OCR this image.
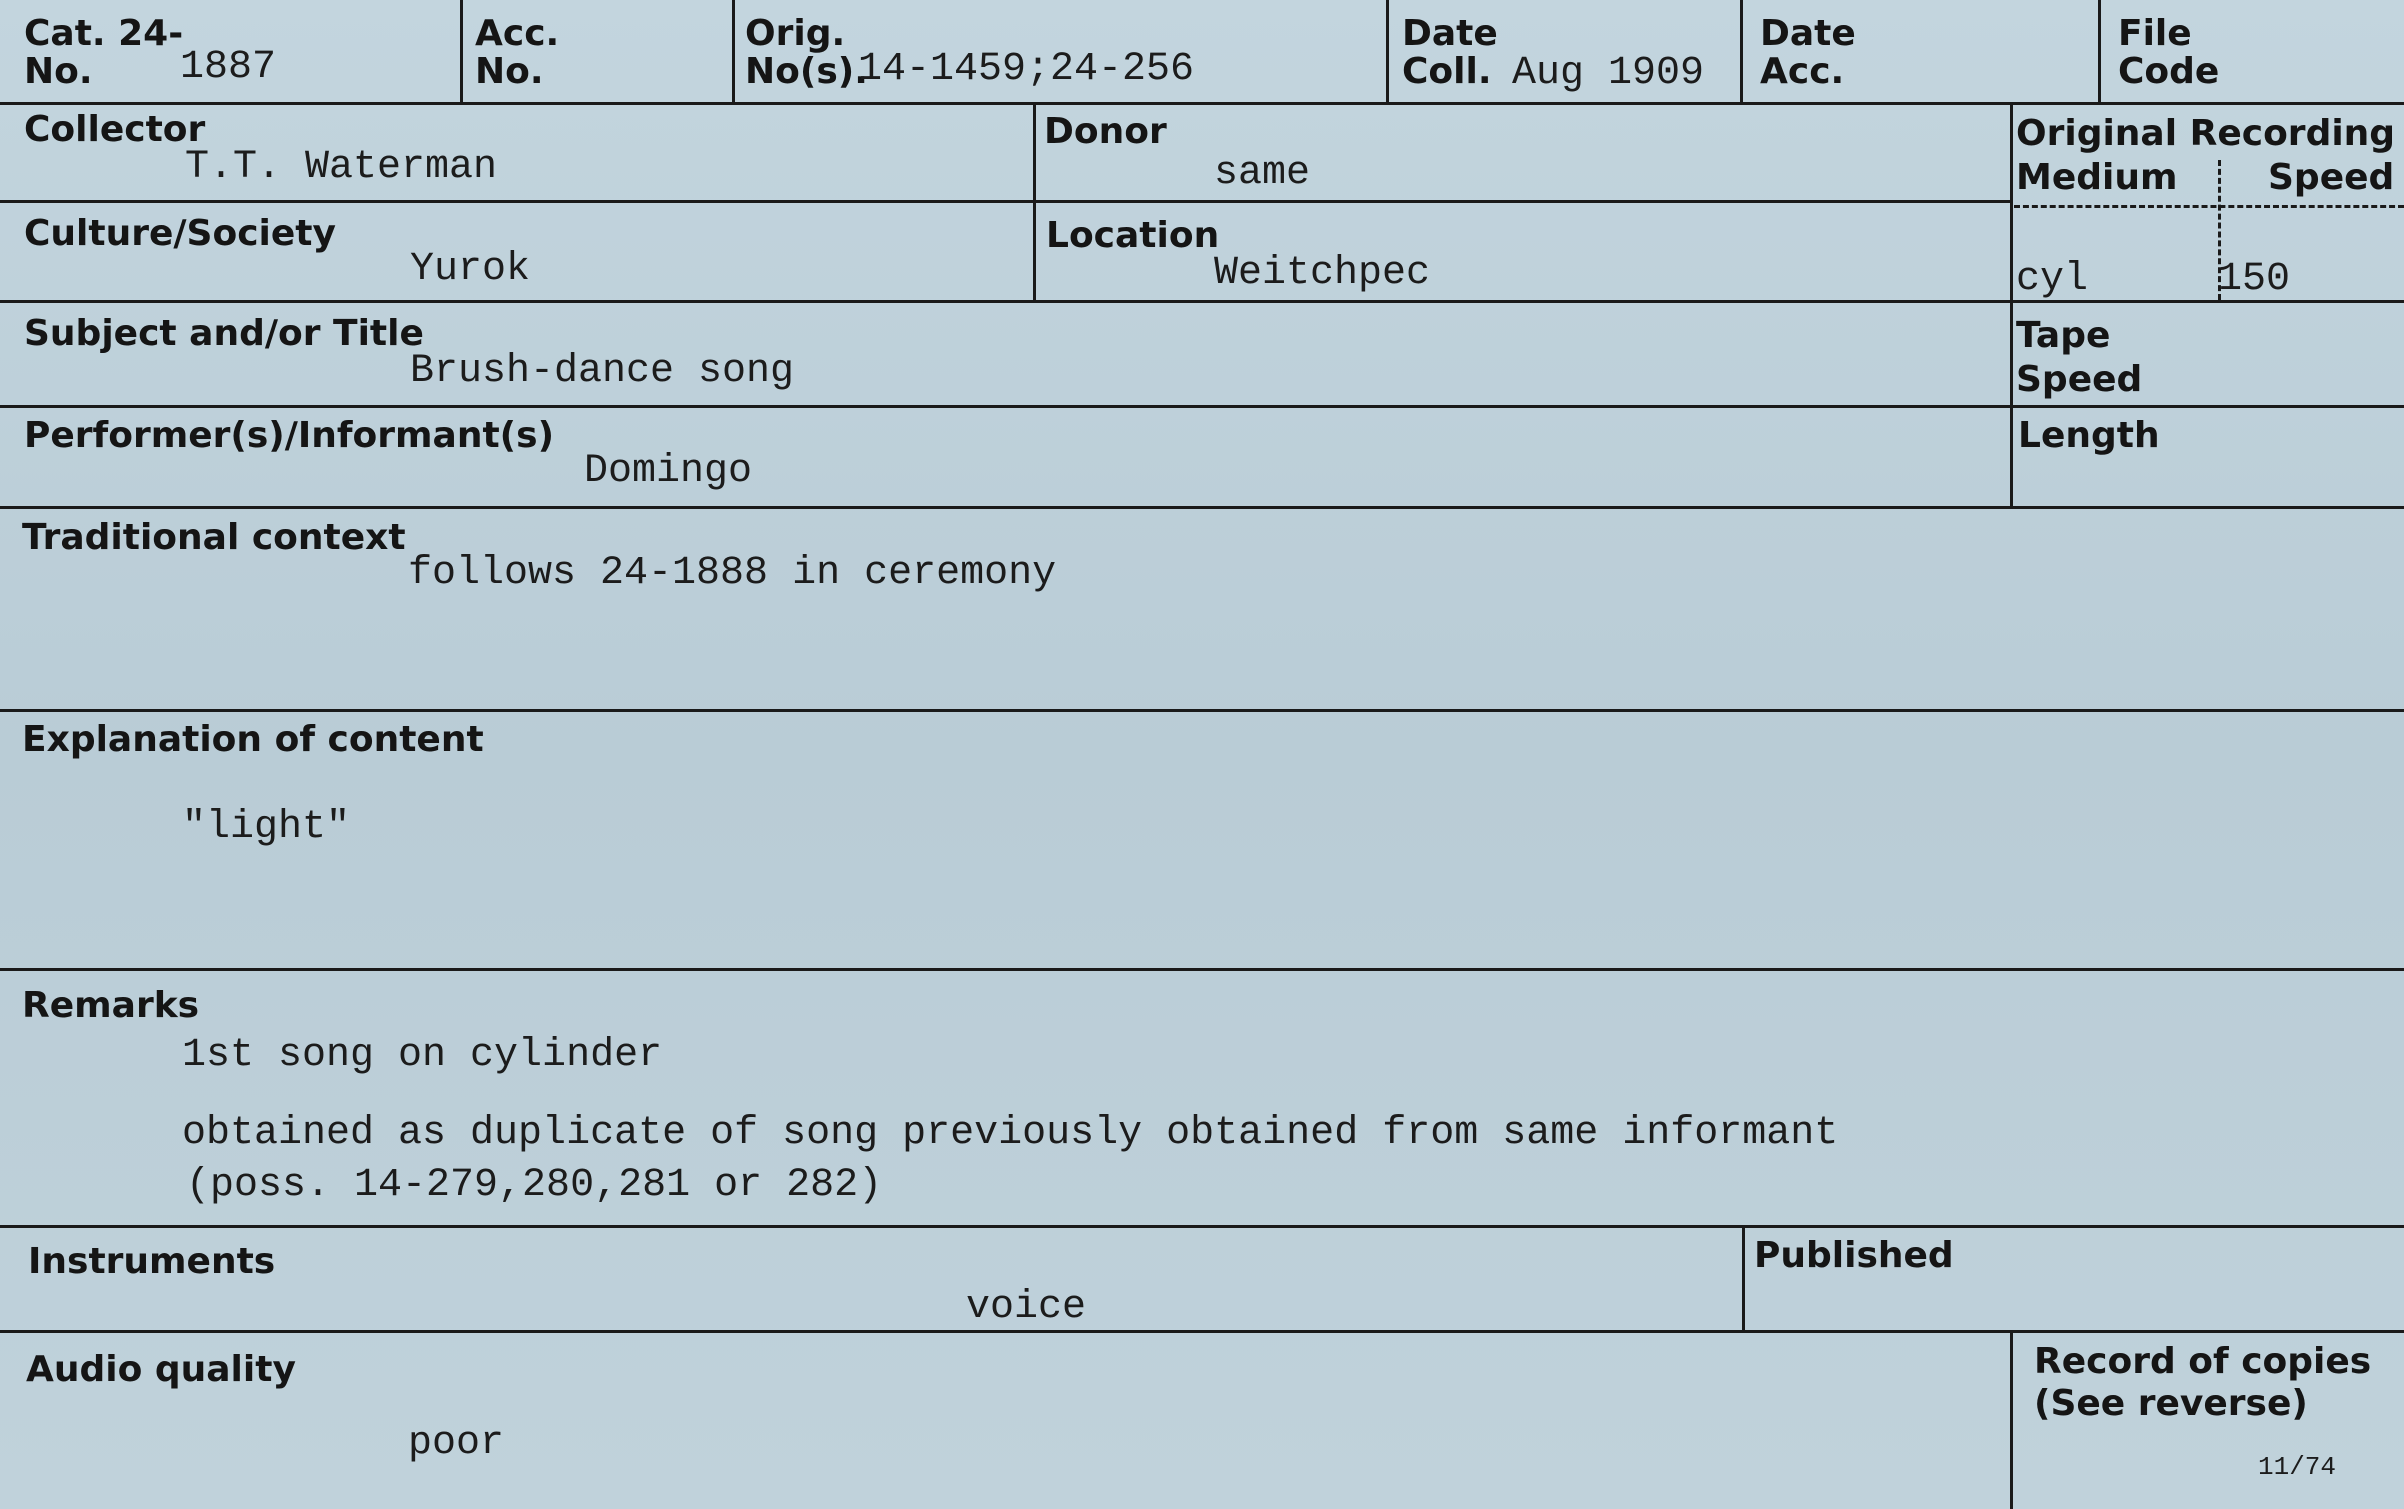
Cat. 24-
No. 1887
Acc.
No.
Orig.
No(s).
14-1459;24-256
Date
Coll. Aug 1909
Date
Acc.
File
Code
Collector
T.T. Waterman
Donor
same
Original Recording
Medium	Speed
cyl	150
Culture/Society
Yurok
Location
Weitchpec
Subject and/or Title
Brush-dance song
Tape
Speed
Performer(s)/Informant(s)
Domingo
Length
Traditional context
follows 24-1888 in ceremony
Explanation of content
"light"
Remarks
1st song on cylinder
obtained as duplicate of song previously obtained from same informant
(poss. 14-279,280,281 or 282)
Instruments
voice
Published
Audio quality
poor
Record of copies
(See reverse)
11/74
